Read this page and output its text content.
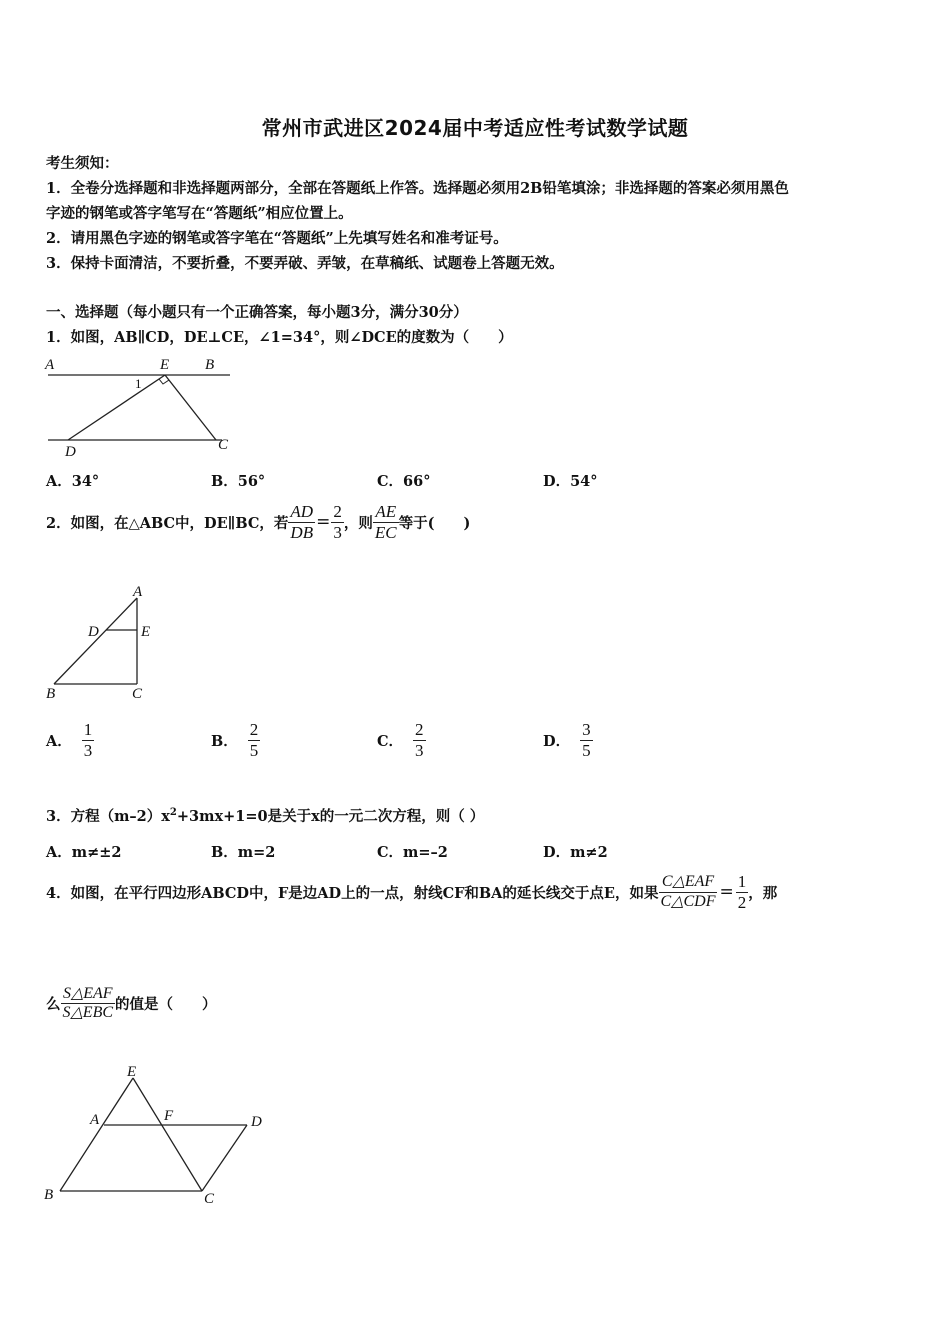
常州市武进区2024届中考适应性考试数学试题
考生须知：
1．全卷分选择题和非选择题两部分，全部在答题纸上作答。选择题必须用2B铅笔填涂；非选择题的答案必须用黑色
字迹的钢笔或答字笔写在“答题纸”相应位置上。
2．请用黑色字迹的钢笔或答字笔在“答题纸”上先填写姓名和准考证号。
3．保持卡面清洁，不要折叠，不要弄破、弄皱，在草稿纸、试题卷上答题无效。
一、选择题（每小题只有一个正确答案，每小题3分，满分30分）
1．如图，AB∥CD，DE⊥CE，∠1=34°，则∠DCE的度数为（　　）
A	E B
1
D	C
A．34°	B．56°	C．66°	D．54°
2．如图，在△ABC中，DE∥BC，若 $\frac{AD}{DB} = \frac{2}{3}$ ，则 $\frac{AE}{EC}$ 等于(　　)
A
D	E
B	C
A． $\frac{1}{3}$	B． $\frac{2}{5}$	C． $\frac{2}{3}$	D． $\frac{3}{5}$
3．方程$(m-2)x^2+3mx+1=0$是关于x的一元二次方程，则（ ）
A．m≠±2	B．m=2	C．m=–2	D．m≠2
4．如图，在平行四边形ABCD中，F是边AD上的一点，射线CF和BA的延长线交于点E，如果 $\frac{\text{C△EAF}}{\text{C△CDF}} = \frac{1}{2}$ ，那
么 $\frac{\text{S△EAF}}{\text{S△EBC}}$ 的值是（　　）
E
A	F	D
B	C
